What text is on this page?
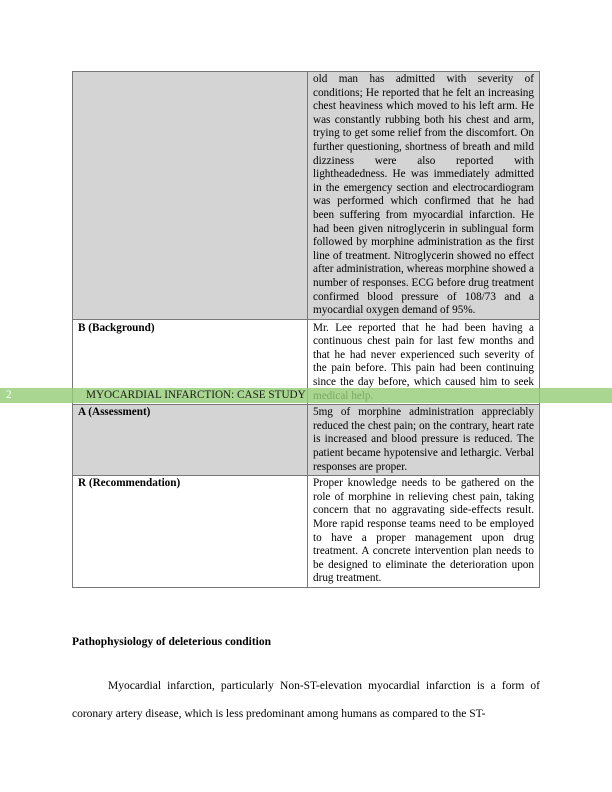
	old man has admitted with severity of conditions; He reported that he felt an increasing chest heaviness which moved to his left arm. He was constantly rubbing both his chest and arm, trying to get some relief from the discomfort. On further questioning, shortness of breath and mild dizziness were also reported with lightheadedness. He was immediately admitted in the emergency section and electrocardiogram was performed which confirmed that he had been suffering from myocardial infarction. He had been given nitroglycerin in sublingual form followed by morphine administration as the first line of treatment. Nitroglycerin showed no effect after administration, whereas morphine showed a number of responses. ECG before drug treatment confirmed blood pressure of 108/73 and a myocardial oxygen demand of 95%.
B (Background)	Mr. Lee reported that he had been having a continuous chest pain for last few months and that he had never experienced such severity of the pain before. This pain had been continuing since the day before, which caused him to seek
A (Assessment)	5mg of morphine administration appreciably reduced the chest pain; on the contrary, heart rate is increased and blood pressure is reduced. The patient became hypotensive and lethargic. Verbal responses are proper.
R (Recommendation)	Proper knowledge needs to be gathered on the role of morphine in relieving chest pain, taking concern that no aggravating side-effects result. More rapid response teams need to be employed to have a proper management upon drug treatment. A concrete intervention plan needs to be designed to eliminate the deterioration upon drug treatment.
2	MYOCARDIAL INFARCTION: CASE STUDY

Pathophysiology of deleterious condition

Myocardial infarction, particularly Non-ST-elevation myocardial infarction is a form of coronary artery disease, which is less predominant among humans as compared to the ST-
